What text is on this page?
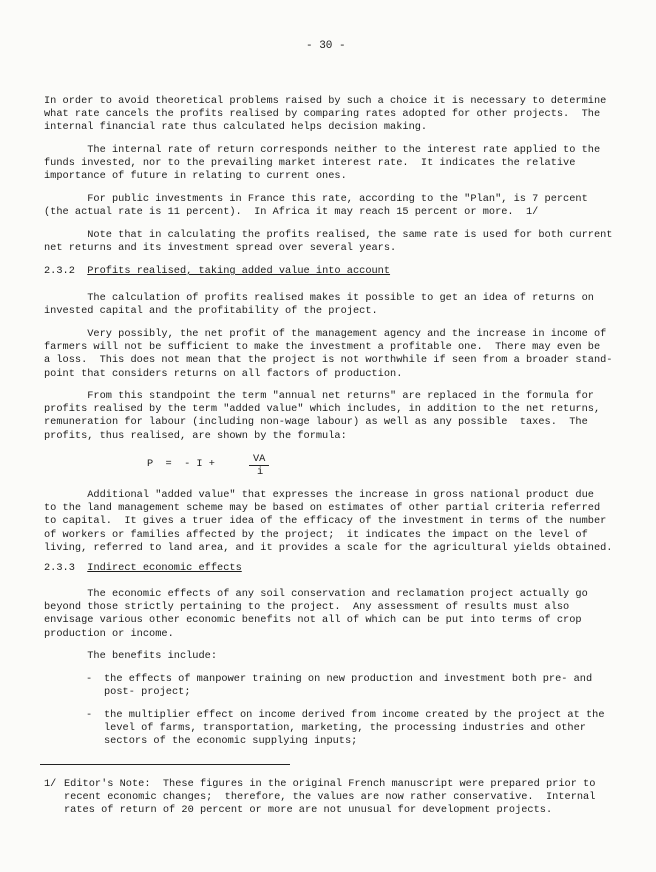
- 30 -
In order to avoid theoretical problems raised by such a choice it is necessary to determine
what rate cancels the profits realised by comparing rates adopted for other projects.  The
internal financial rate thus calculated helps decision making.
The internal rate of return corresponds neither to the interest rate applied to the
funds invested, nor to the prevailing market interest rate.  It indicates the relative
importance of future in relating to current ones.
For public investments in France this rate, according to the "Plan", is 7 percent
(the actual rate is 11 percent).  In Africa it may reach 15 percent or more.  1/
Note that in calculating the profits realised, the same rate is used for both current
net returns and its investment spread over several years.
2.3.2 Profits realised, taking added value into account
The calculation of profits realised makes it possible to get an idea of returns on
invested capital and the profitability of the project.
Very possibly, the net profit of the management agency and the increase in income of
farmers will not be sufficient to make the investment a profitable one.  There may even be
a loss.  This does not mean that the project is not worthwhile if seen from a broader stand-
point that considers returns on all factors of production.
From this standpoint the term "annual net returns" are replaced in the formula for
profits realised by the term "added value" which includes, in addition to the net returns,
remuneration for labour (including non-wage labour) as well as any possible  taxes.  The
profits, thus realised, are shown by the formula:
P  =  - I +	VA
i
Additional "added value" that expresses the increase in gross national product due
to the land management scheme may be based on estimates of other partial criteria referred
to capital.  It gives a truer idea of the efficacy of the investment in terms of the number
of workers or families affected by the project;  it indicates the impact on the level of
living, referred to land area, and it provides a scale for the agricultural yields obtained.
2.3.3 Indirect economic effects
The economic effects of any soil conservation and reclamation project actually go
beyond those strictly pertaining to the project.  Any assessment of results must also
envisage various other economic benefits not all of which can be put into terms of crop
production or income.
The benefits include:
- the effects of manpower training on new production and investment both pre- and
post- project;
- the multiplier effect on income derived from income created by the project at the
level of farms, transportation, marketing, the processing industries and other
sectors of the economic supplying inputs;
1/ Editor's Note:  These figures in the original French manuscript were prepared prior to
recent economic changes;  therefore, the values are now rather conservative.  Internal
rates of return of 20 percent or more are not unusual for development projects.
